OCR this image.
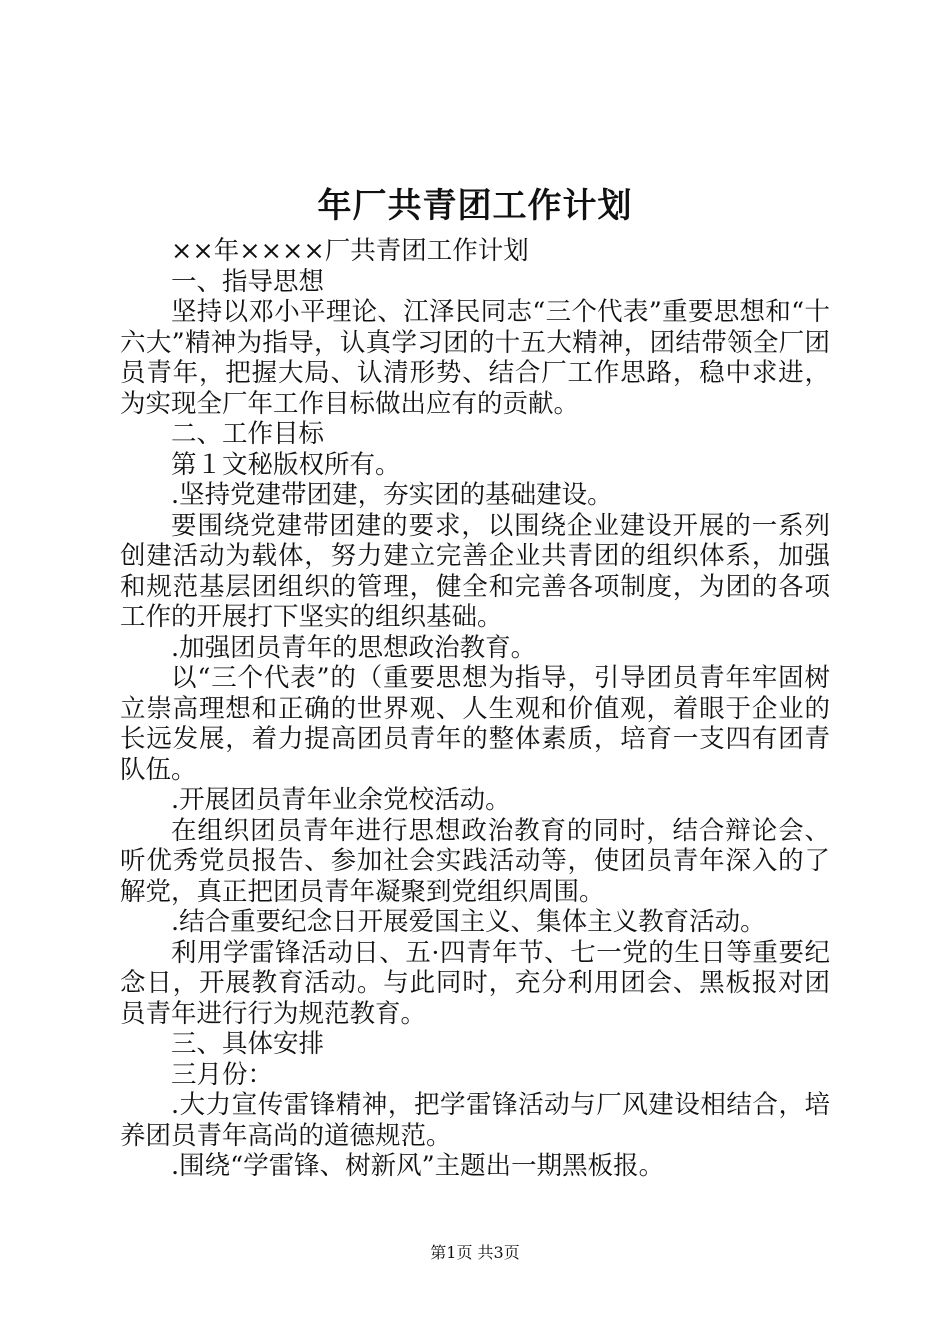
年厂共青团工作计划

××年××××厂共青团工作计划

一、指导思想

坚持以邓小平理论、江泽民同志“三个代表”重要思想和“十六大”精神为指导，认真学习团的十五大精神，团结带领全厂团员青年，把握大局、认清形势、结合厂工作思路，稳中求进，为实现全厂年工作目标做出应有的贡献。

二、工作目标

第１文秘版权所有。

.坚持党建带团建，夯实团的基础建设。

要围绕党建带团建的要求，以围绕企业建设开展的一系列创建活动为载体，努力建立完善企业共青团的组织体系，加强和规范基层团组织的管理，健全和完善各项制度，为团的各项工作的开展打下坚实的组织基础。

.加强团员青年的思想政治教育。

以“三个代表”的（重要思想为指导，引导团员青年牢固树立崇高理想和正确的世界观、人生观和价值观，着眼于企业的长远发展，着力提高团员青年的整体素质，培育一支四有团青队伍。

.开展团员青年业余党校活动。

在组织团员青年进行思想政治教育的同时，结合辩论会、听优秀党员报告、参加社会实践活动等，使团员青年深入的了解党，真正把团员青年凝聚到党组织周围。

.结合重要纪念日开展爱国主义、集体主义教育活动。

利用学雷锋活动日、五·四青年节、七一党的生日等重要纪念日，开展教育活动。与此同时，充分利用团会、黑板报对团员青年进行行为规范教育。

三、具体安排

三月份：

.大力宣传雷锋精神，把学雷锋活动与厂风建设相结合，培养团员青年高尚的道德规范。

.围绕“学雷锋、树新风”主题出一期黑板报。

第1页 共3页
